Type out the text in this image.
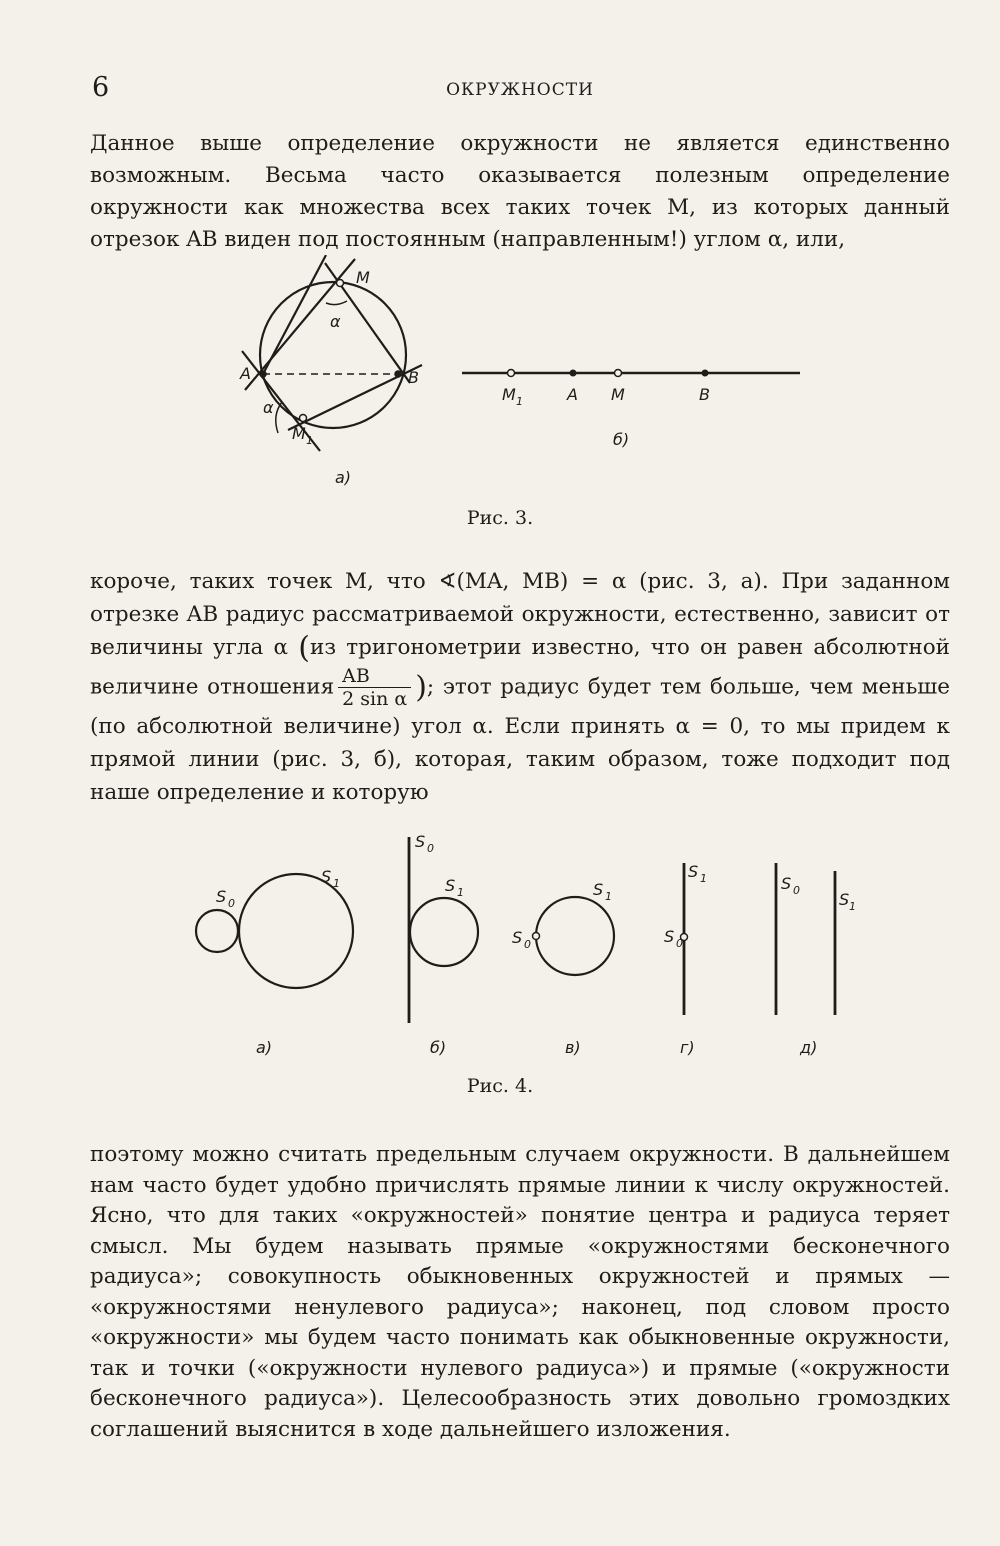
6	ОКРУЖНОСТИ

Данное выше определение окружности не является единственно возможным. Весьма часто оказывается полезным определение окружности как множества всех таких точек M, из которых данный отрезок AB виден под постоянным (направленным!) углом α, или,

M
α
A	B
α
M 1
а)
M 1	A M	B
б)
Рис. 3.

короче, таких точек M, что ∢(MA, MB) = α (рис. 3, а). При заданном отрезке AB радиус рассматриваемой окружности, естественно, зависит от величины угла α (из тригонометрии известно, что он равен абсолютной величине отношения $\frac{AB}{\text{2 sin α}}$ ); этот радиус будет тем больше, чем меньше (по абсолютной величине) угол α. Если принять α = 0, то мы придем к прямой линии (рис. 3, б), которая, таким образом, тоже подходит под наше определение и которую

S 0
S 1
а)
S 0
S 1
б)
S 0
S 1
в)
S 1
S 0
г)
S 0 S 1
д)
Рис. 4.

поэтому можно считать предельным случаем окружности. В дальнейшем нам часто будет удобно причислять прямые линии к числу окружностей. Ясно, что для таких «окружностей» понятие центра и радиуса теряет смысл. Мы будем называть прямые «окружностями бесконечного радиуса»; совокупность обыкновенных окружностей и прямых — «окружностями ненулевого радиуса»; наконец, под словом просто «окружности» мы будем часто понимать как обыкновенные окружности, так и точки («окружности нулевого радиуса») и прямые («окружности бесконечного радиуса»). Целесообразность этих довольно громоздких соглашений выяснится в ходе дальнейшего изложения.
